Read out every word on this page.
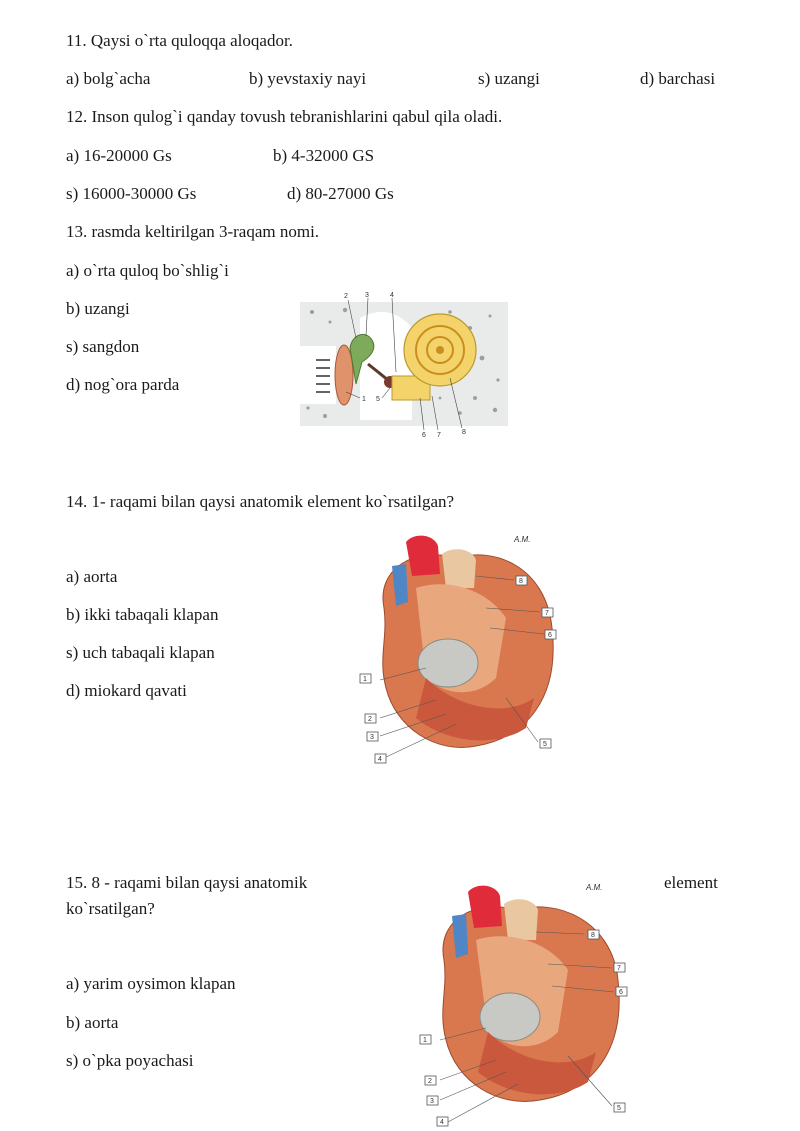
11. Qaysi o`rta quloqqa aloqador.
a) bolg`acha	b) yevstaxiy nayi	s) uzangi	d) barchasi
12. Inson qulog`i qanday tovush tebranishlarini qabul qila oladi.
a) 16-20000 Gs	b) 4-32000 GS
s) 16000-30000 Gs	d) 80-27000 Gs
13. rasmda keltirilgan 3-raqam nomi.
a) o`rta quloq bo`shlig`i
b) uzangi
s) sangdon
d) nog`ora parda
2 3	4
1 5
6 7	8
14. 1- raqami bilan qaysi anatomik element ko`rsatilgan?
a) aorta
b) ikki tabaqali klapan
s) uch tabaqali klapan
d) miokard qavati
8
7
6
1
2
3
4
5
A.M.
15. 8 - raqami bilan qaysi anatomik	element
ko`rsatilgan?
a) yarim oysimon klapan
b) aorta
s) o`pka poyachasi
8
7
6
1
2
3
4
5
A.M.
